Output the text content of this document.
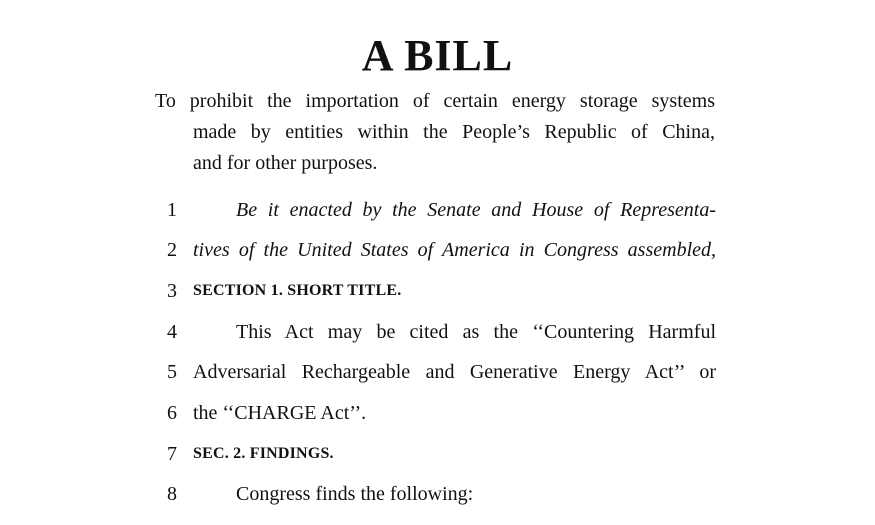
A BILL
To prohibit the importation of certain energy storage systems
made by entities within the People’s Republic of China,
and for other purposes.
1	Be it enacted by the Senate and House of Representa-
2 tives of the United States of America in Congress assembled,
3 SECTION 1. SHORT TITLE.
4	This Act may be cited as the ‘‘Countering Harmful
5 Adversarial Rechargeable and Generative Energy Act’’ or
6 the ‘‘CHARGE Act’’.
7 SEC. 2. FINDINGS.
8	Congress finds the following:
